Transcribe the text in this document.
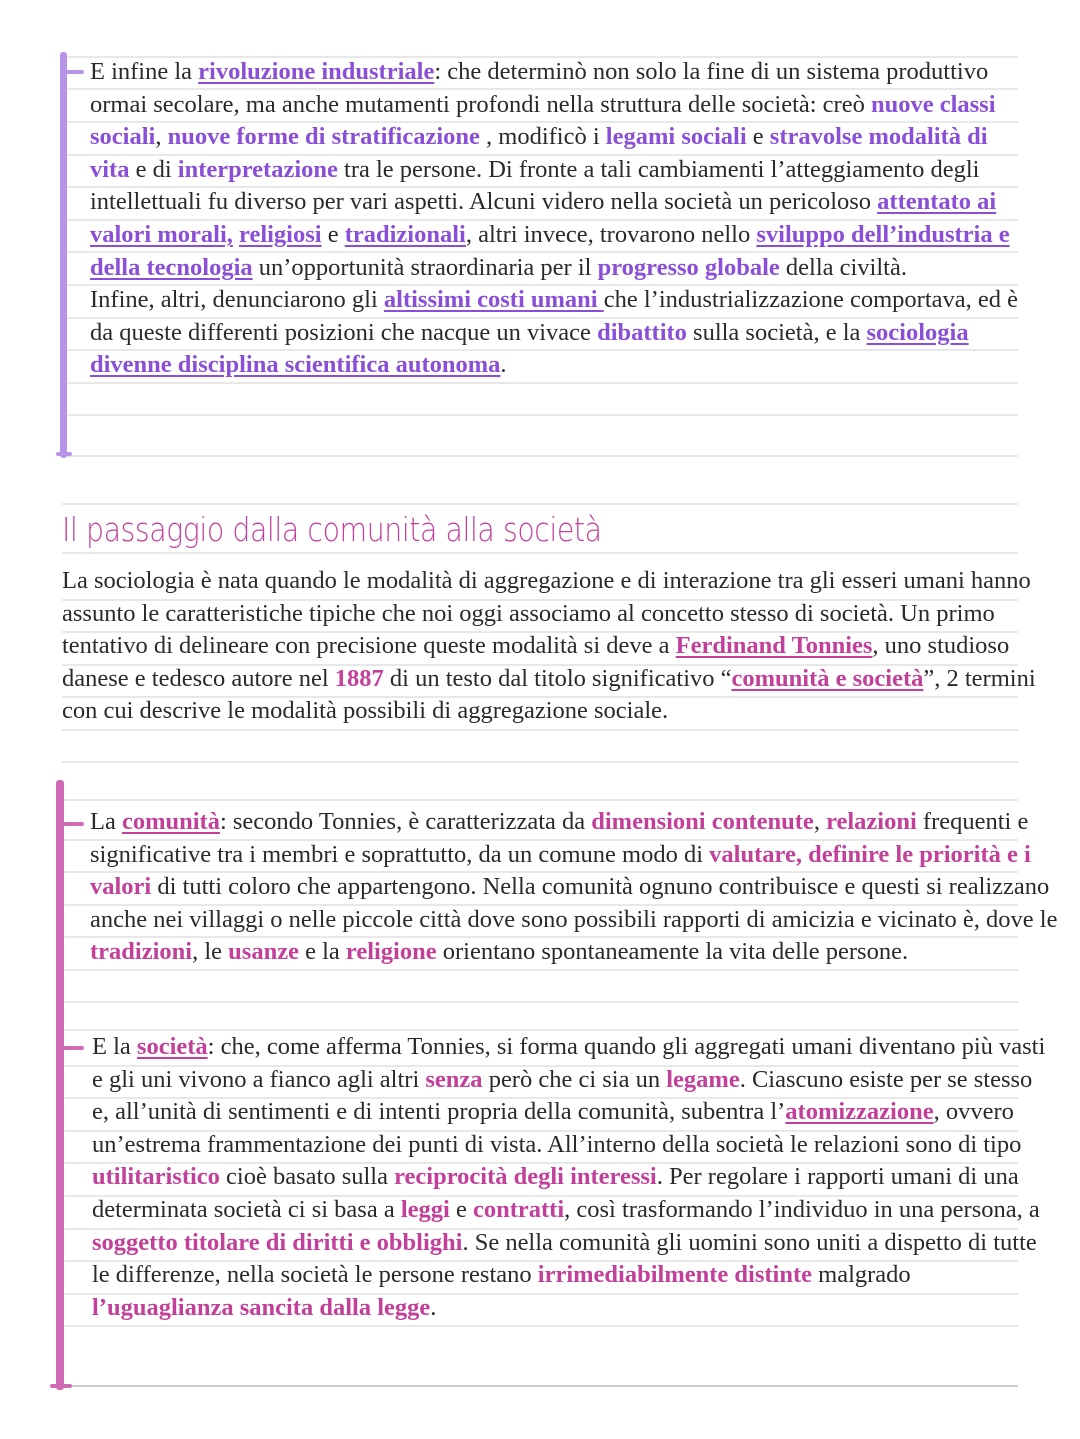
E infine la rivoluzione industriale: che determinò non solo la fine di un sistema produttivo ormai secolare, ma anche mutamenti profondi nella struttura delle società: creò nuove classi sociali, nuove forme di stratificazione , modificò i legami sociali e stravolse modalità di vita e di interpretazione tra le persone. Di fronte a tali cambiamenti l’atteggiamento degli intellettuali fu diverso per vari aspetti. Alcuni videro nella società un pericoloso attentato ai valori morali, religiosi e tradizionali, altri invece, trovarono nello sviluppo dell’industria e della tecnologia un’opportunità straordinaria per il progresso globale della civiltà.

Infine, altri, denunciarono gli altissimi costi umani che l’industrializzazione comportava, ed è da queste differenti posizioni che nacque un vivace dibattito sulla società, e la sociologia divenne disciplina scientifica autonoma.

Il passaggio dalla comunità alla società

La sociologia è nata quando le modalità di aggregazione e di interazione tra gli esseri umani hanno assunto le caratteristiche tipiche che noi oggi associamo al concetto stesso di società. Un primo tentativo di delineare con precisione queste modalità si deve a Ferdinand Tonnies, uno studioso danese e tedesco autore nel 1887 di un testo dal titolo significativo “comunità e società”, 2 termini con cui descrive le modalità possibili di aggregazione sociale.

La comunità: secondo Tonnies, è caratterizzata da dimensioni contenute, relazioni frequenti e significative tra i membri e soprattutto, da un comune modo di valutare, definire le priorità e i valori di tutti coloro che appartengono. Nella comunità ognuno contribuisce e questi si realizzano anche nei villaggi o nelle piccole città dove sono possibili rapporti di amicizia e vicinato è, dove le tradizioni, le usanze e la religione orientano spontaneamente la vita delle persone.

E la società: che, come afferma Tonnies, si forma quando gli aggregati umani diventano più vasti e gli uni vivono a fianco agli altri senza però che ci sia un legame. Ciascuno esiste per se stesso e, all’unità di sentimenti e di intenti propria della comunità, subentra l’atomizzazione, ovvero un’estrema frammentazione dei punti di vista. All’interno della società le relazioni sono di tipo utilitaristico cioè basato sulla reciprocità degli interessi. Per regolare i rapporti umani di una determinata società ci si basa a leggi e contratti, così trasformando l’individuo in una persona, a soggetto titolare di diritti e obblighi. Se nella comunità gli uomini sono uniti a dispetto di tutte le differenze, nella società le persone restano irrimediabilmente distinte malgrado l’uguaglianza sancita dalla legge.
